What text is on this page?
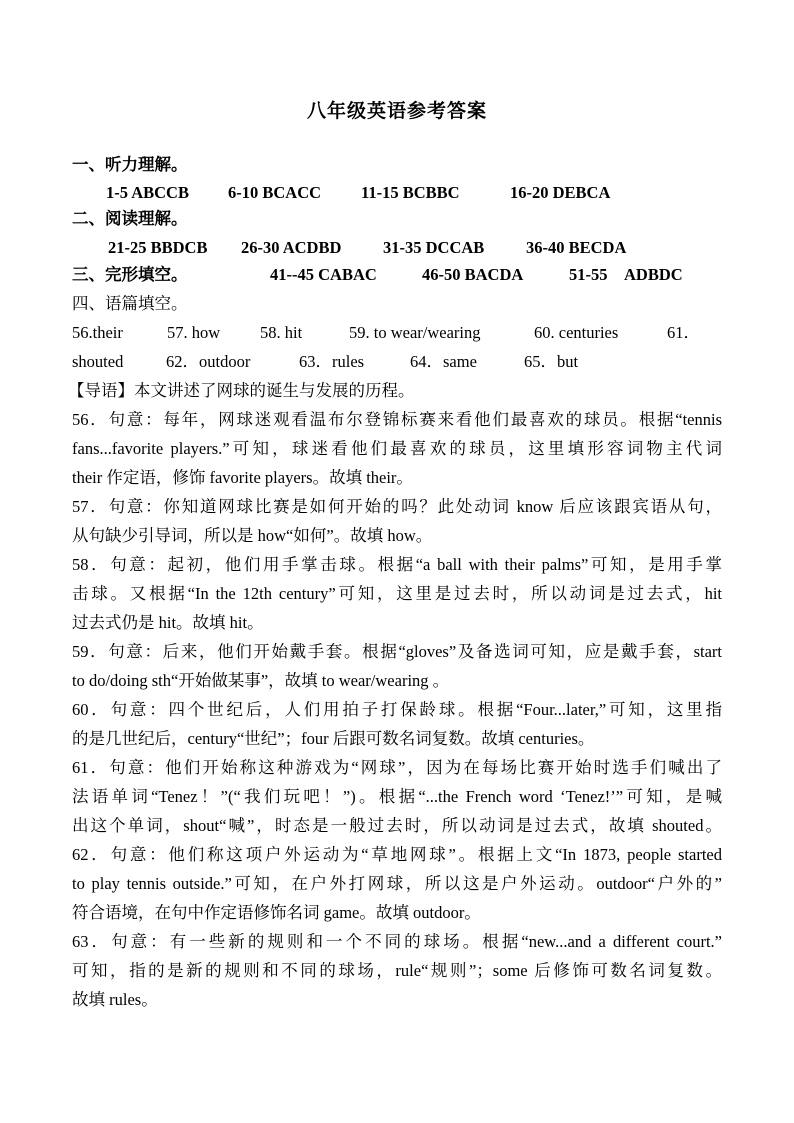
八年级英语参考答案
一、听力理解。
1-5 ABCCB 6-10 BCACC 11-15 BCBBC	16-20 DEBCA
二、阅读理解。
21-25 BBDCB 26-30 ACDBD	31-35 DCCAB	36-40 BECDA
三、完形填空。	41--45 CABAC	46-50 BACDA	51-55　ADBDC
四、语篇填空。
56.their	57. how 58. hit	59. to wear/wearing	60. centuries	61．
shouted	62．outdoor	63．rules	64．same	65．but
【导语】本文讲述了网球的诞生与发展的历程。
56．句意：每年，网球迷观看温布尔登锦标赛来看他们最喜欢的球员。根据“tennis
fans...favorite players.”可知，球迷看他们最喜欢的球员，这里填形容词物主代词
their 作定语，修饰 favorite players。故填 their。
57．句意：你知道网球比赛是如何开始的吗？此处动词 know 后应该跟宾语从句，
从句缺少引导词，所以是 how“如何”。故填 how。
58．句意：起初，他们用手掌击球。根据“a ball with their palms”可知，是用手掌
击球。又根据“In the 12th century”可知，这里是过去时，所以动词是过去式，hit
过去式仍是 hit。故填 hit。
59．句意：后来，他们开始戴手套。根据“gloves”及备选词可知，应是戴手套，start
to do/doing sth“开始做某事”，故填 to wear/wearing 。
60．句意：四个世纪后，人们用拍子打保龄球。根据“Four...later,”可知，这里指
的是几世纪后，century“世纪”；four 后跟可数名词复数。故填 centuries。
61．句意：他们开始称这种游戏为“网球”，因为在每场比赛开始时选手们喊出了
法语单词“Tenez！”(“我们玩吧！”)。根据“...the French word ‘Tenez!’”可知，是喊
出这个单词，shout“喊”，时态是一般过去时，所以动词是过去式，故填 shouted。
62．句意：他们称这项户外运动为“草地网球”。根据上文“In 1873, people started
to play tennis outside.”可知，在户外打网球，所以这是户外运动。outdoor“户外的”
符合语境，在句中作定语修饰名词 game。故填 outdoor。
63．句意：有一些新的规则和一个不同的球场。根据“new...and a different court.”
可知，指的是新的规则和不同的球场，rule“规则”；some 后修饰可数名词复数。
故填 rules。
